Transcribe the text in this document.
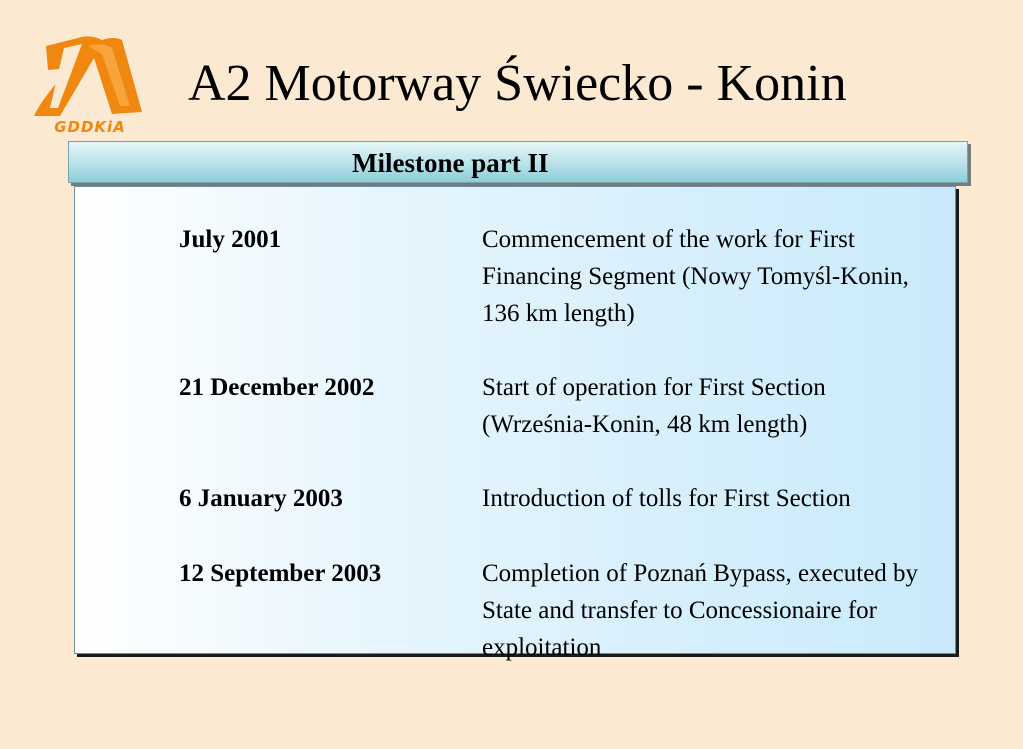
GDDKiA
A2 Motorway Świecko - Konin
Milestone part II
July 2001	Commencement of the work for First
Financing Segment (Nowy Tomyśl-Konin,
136 km length)
21 December 2002	Start of operation for First Section
(Września-Konin, 48 km length)
6 January 2003	Introduction of tolls for First Section
12 September 2003	Completion of Poznań Bypass, executed by
State and transfer to Concessionaire for
exploitation
